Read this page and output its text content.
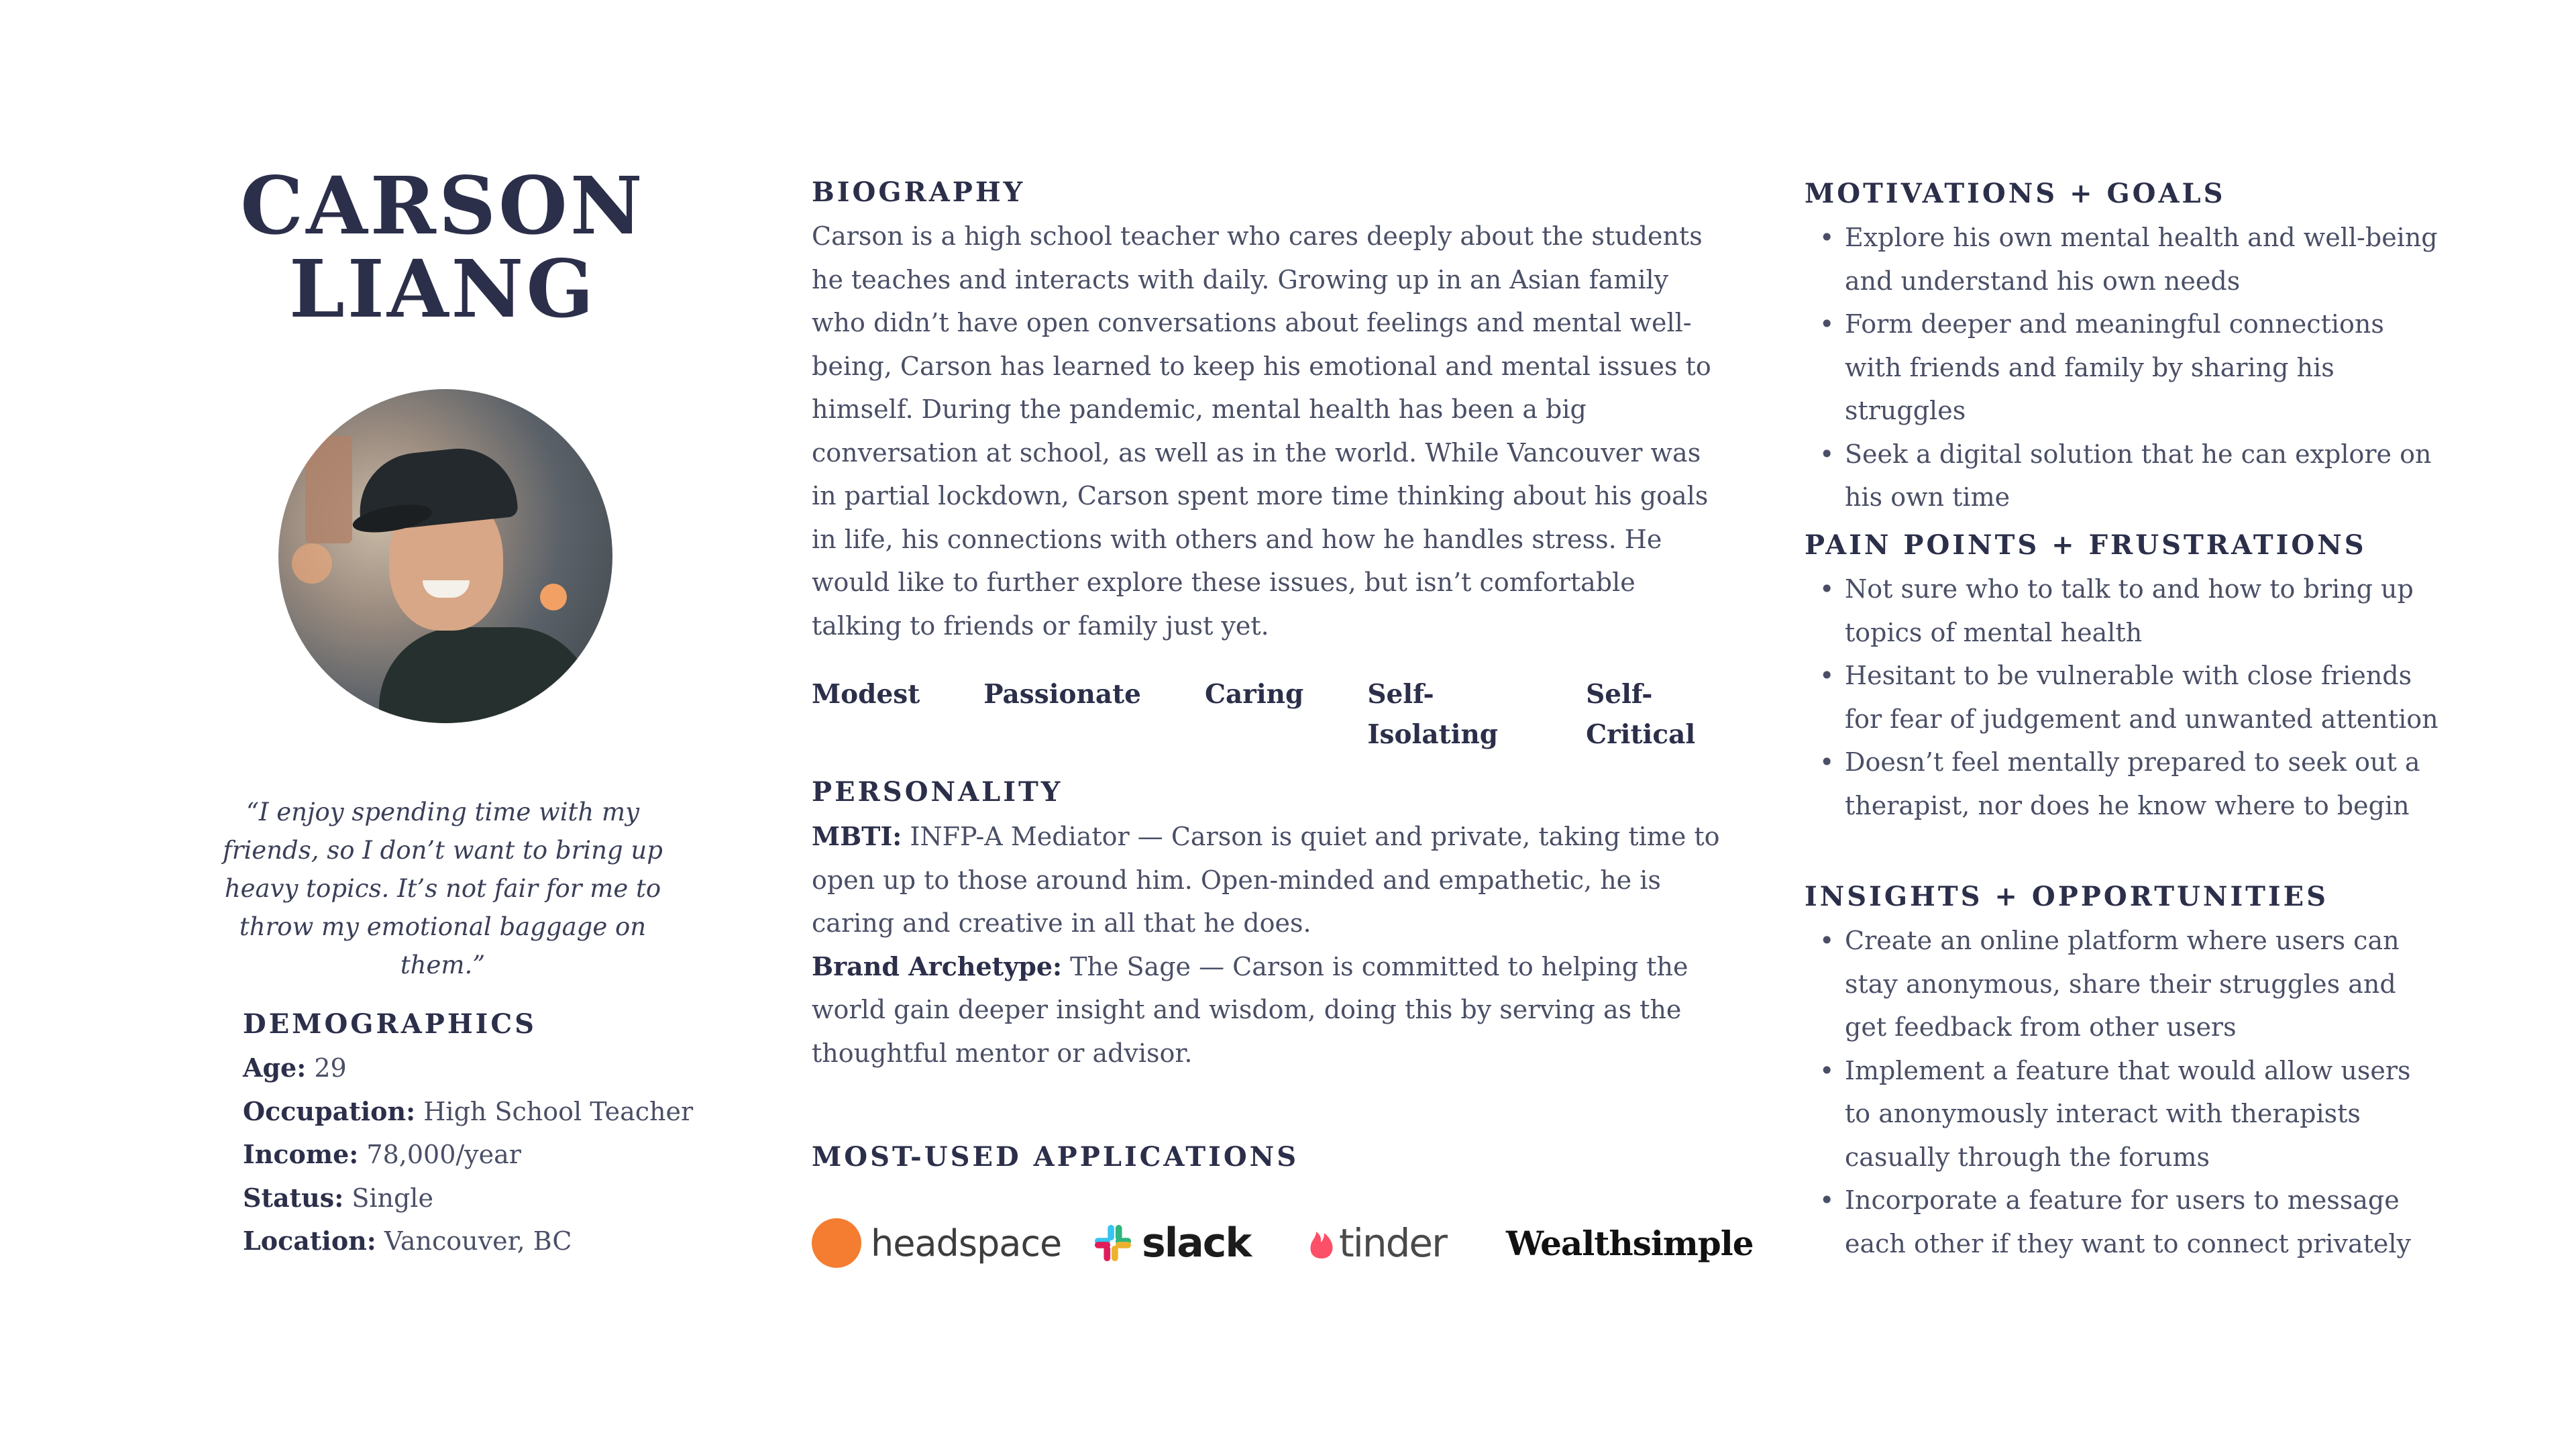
CARSON
LIANG
“I enjoy spending time with my friends, so I don’t want to bring up heavy topics. It’s not fair for me to throw my emotional baggage on them.”
DEMOGRAPHICS
Age: 29
Occupation: High School Teacher
Income: 78,000/year
Status: Single
Location: Vancouver, BC
BIOGRAPHY
Carson is a high school teacher who cares deeply about the students he teaches and interacts with daily. Growing up in an Asian family who didn’t have open conversations about feelings and mental well-being, Carson has learned to keep his emotional and mental issues to himself. During the pandemic, mental health has been a big conversation at school, as well as in the world. While Vancouver was in partial lockdown, Carson spent more time thinking about his goals in life, his connections with others and how he handles stress. He would like to further explore these issues, but isn’t comfortable talking to friends or family just yet.
Modest Passionate Caring Self-Isolating
Self-Critical
PERSONALITY
MBTI: INFP-A Mediator — Carson is quiet and private, taking time to open up to those around him. Open-minded and empathetic, he is caring and creative in all that he does.
Brand Archetype: The Sage — Carson is committed to helping the world gain deeper insight and wisdom, doing this by serving as the thoughtful mentor or advisor.
MOST-USED APPLICATIONS
headspace slack tinder Wealthsimple
MOTIVATIONS + GOALS
• Explore his own mental health and well-being and understand his own needs
• Form deeper and meaningful connections with friends and family by sharing his struggles
• Seek a digital solution that he can explore on his own time
PAIN POINTS + FRUSTRATIONS
• Not sure who to talk to and how to bring up topics of mental health
• Hesitant to be vulnerable with close friends for fear of judgement and unwanted attention
• Doesn’t feel mentally prepared to seek out a therapist, nor does he know where to begin
INSIGHTS + OPPORTUNITIES
• Create an online platform where users can stay anonymous, share their struggles and get feedback from other users
• Implement a feature that would allow users to anonymously interact with therapists casually through the forums
• Incorporate a feature for users to message each other if they want to connect privately
